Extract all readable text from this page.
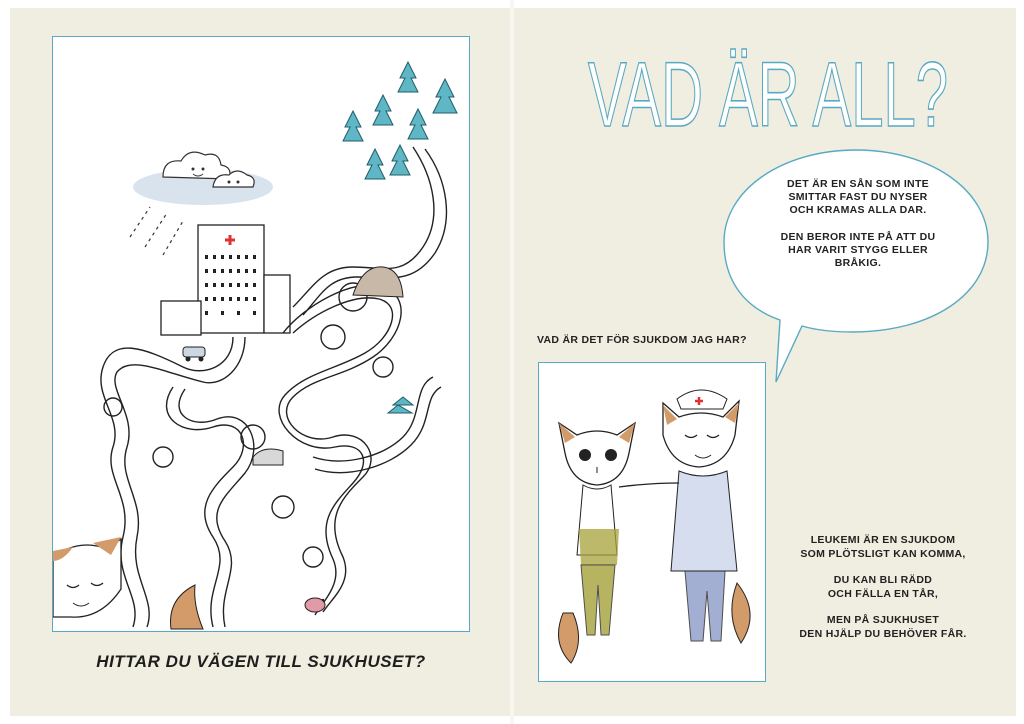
HITTAR DU VÄGEN TILL SJUKHUSET?
VAD ÄR ALL?

DET ÄR EN SÅN SOM INTE
SMITTAR FAST DU NYSER
OCH KRAMAS ALLA DAR.

DEN BEROR INTE PÅ ATT DU
HAR VARIT STYGG ELLER
BRÅKIG.

VAD ÄR DET FÖR SJUKDOM JAG HAR?

LEUKEMI ÄR EN SJUKDOM
SOM PLÖTSLIGT KAN KOMMA,

DU KAN BLI RÄDD
OCH FÄLLA EN TÅR,

MEN PÅ SJUKHUSET
DEN HJÄLP DU BEHÖVER FÅR.
